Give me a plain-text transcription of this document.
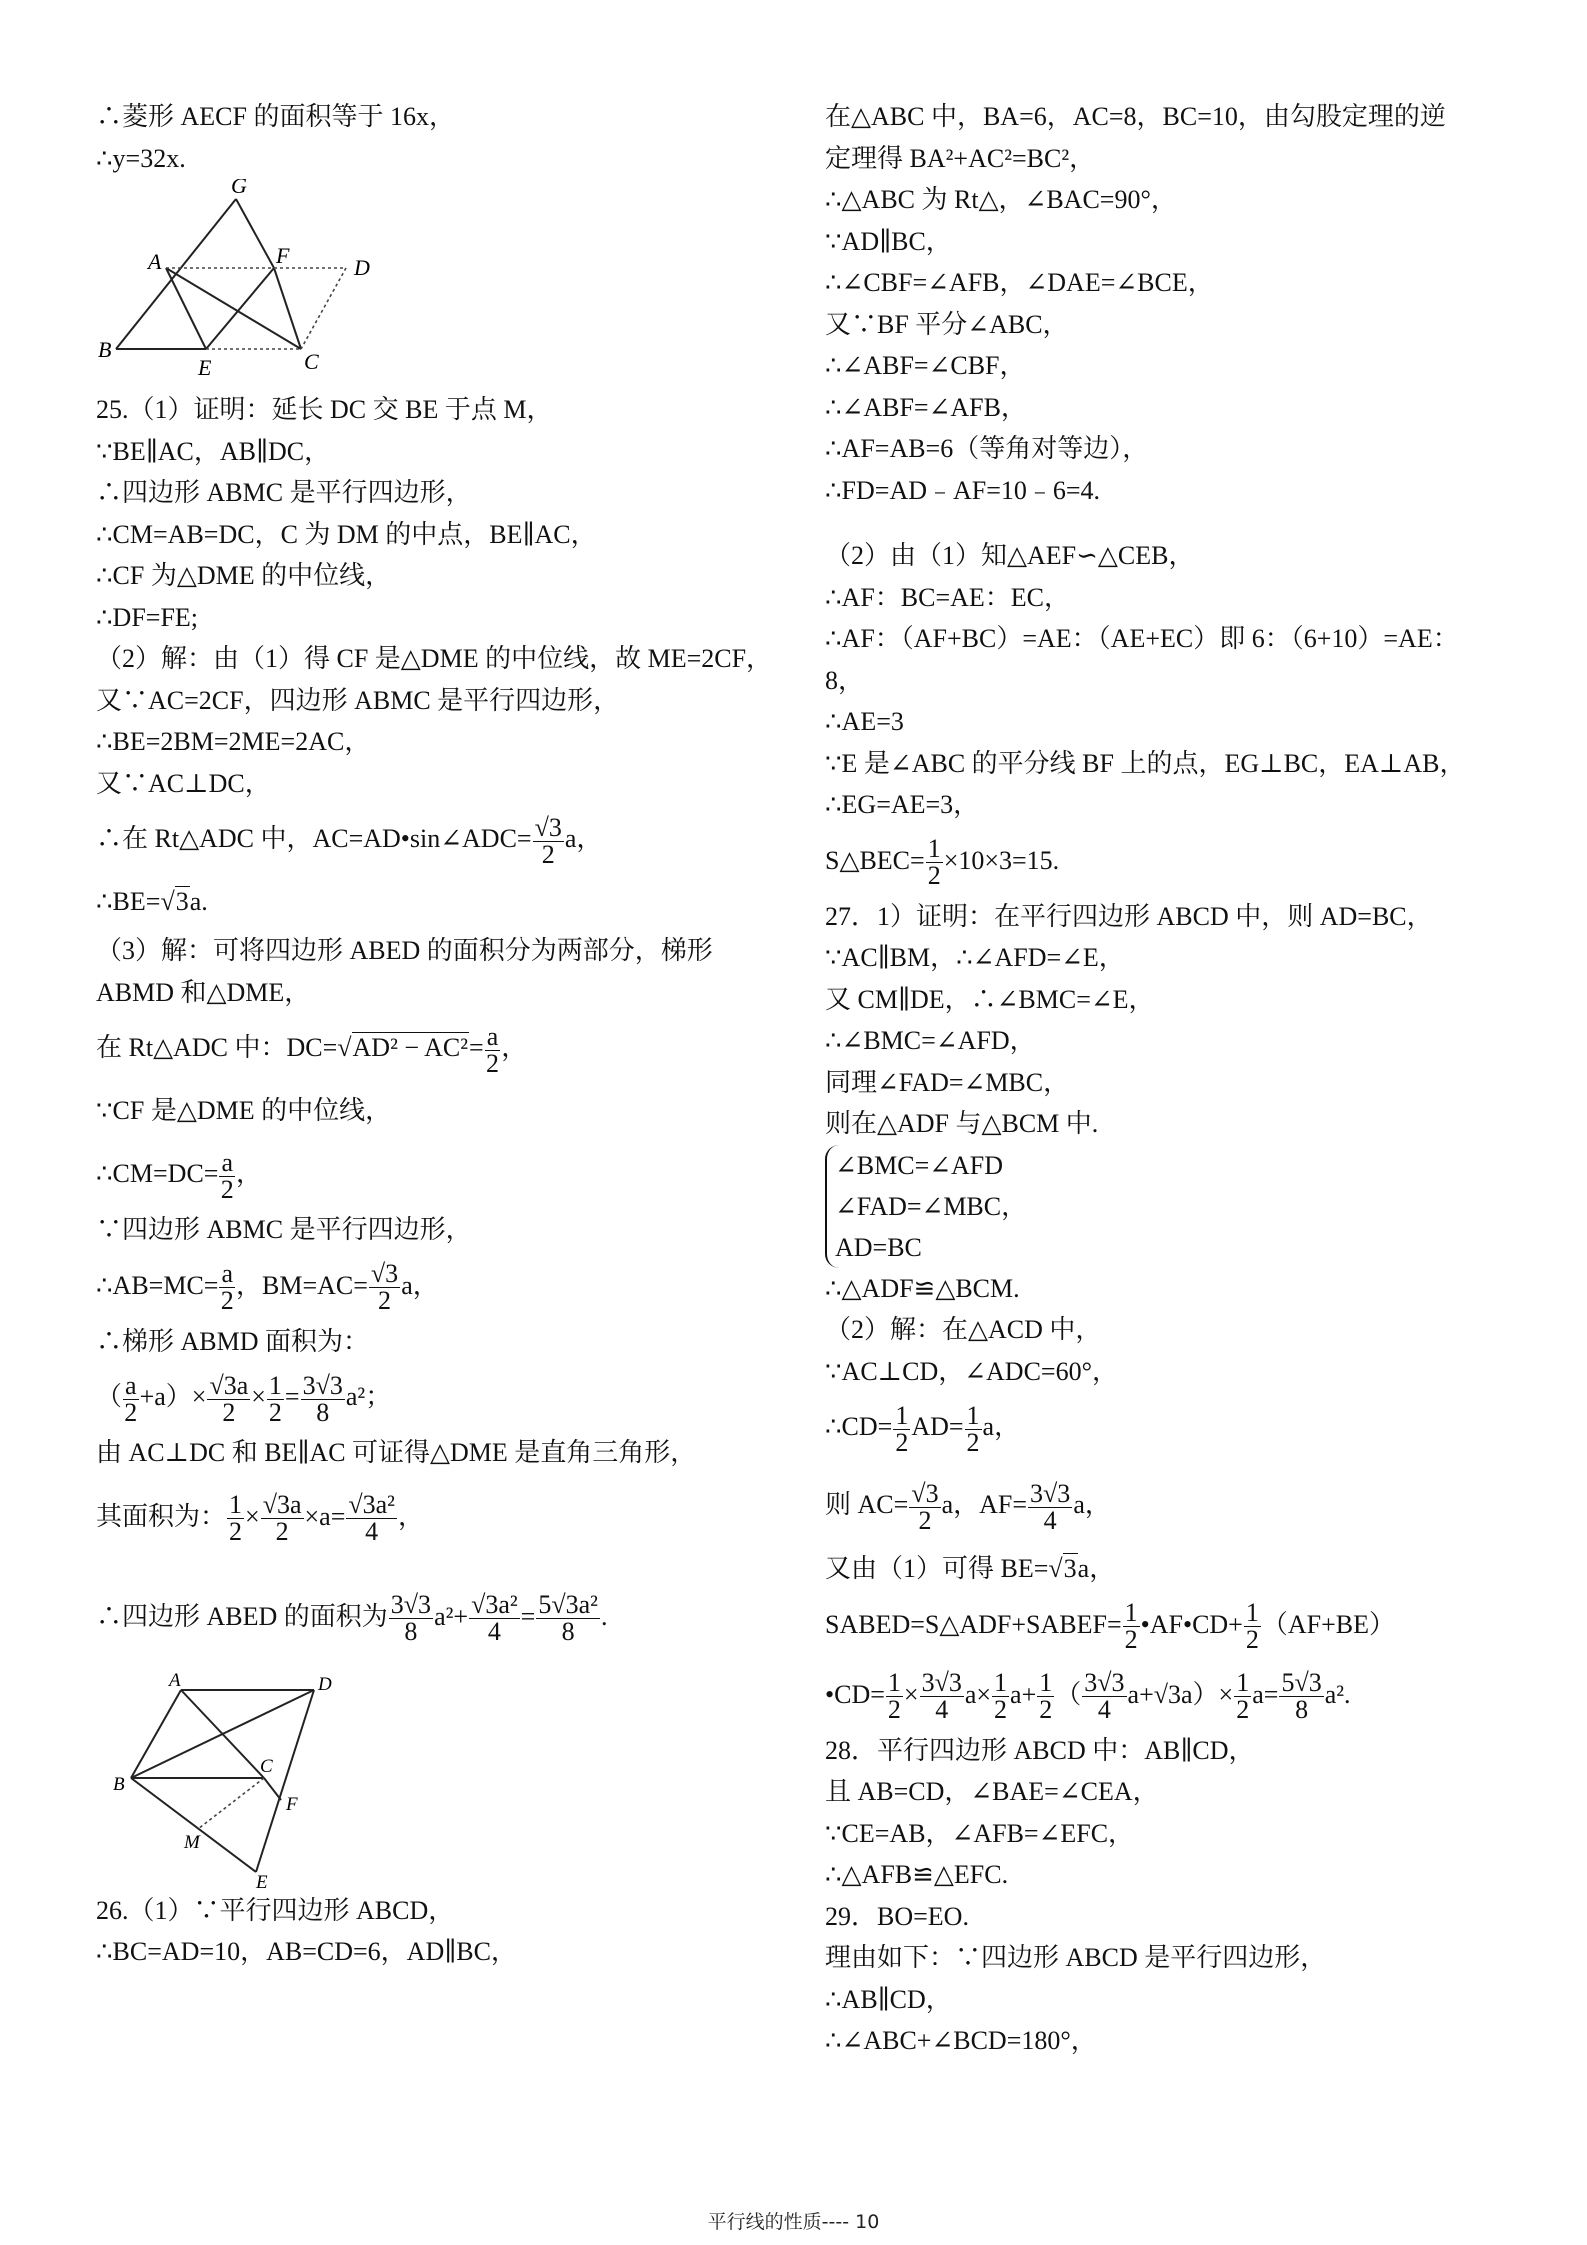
∴菱形 AECF 的面积等于 16x，
∴y=32x.
G
A	F	D
B
E	C
25.（1）证明：延长 DC 交 BE 于点 M，
∵BE∥AC，AB∥DC，
∴四边形 ABMC 是平行四边形，
∴CM=AB=DC，C 为 DM 的中点，BE∥AC，
∴CF 为△DME 的中位线，
∴DF=FE;
（2）解：由（1）得 CF 是△DME 的中位线，故 ME=2CF，
又∵AC=2CF，四边形 ABMC 是平行四边形，
∴BE=2BM=2ME=2AC，
又∵AC⊥DC，
∴在 Rt△ADC 中，AC=AD•sin∠ADC= $\frac{√3}{2}$ a，
∴BE=√3a.
（3）解：可将四边形 ABED 的面积分为两部分，梯形
ABMD 和△DME，
在 Rt△ADC 中：$DC=√AD^2 - AC^2= \frac{a}{2}$ ，
∵CF 是△DME 的中位线，
∴CM=DC= $\frac{a}{2}$ ，
∵四边形 ABMC 是平行四边形，
∴AB=MC= $\frac{a}{2}$ ，$BM=AC= \frac{√3}{2}$ a，
∴梯形 ABMD 面积为：
（ $\frac{a}{2} +a)\times \frac{√3a}{2} \times \frac{1}{2} = \frac{3√3}{8} a^2$；
由 AC⊥DC 和 BE∥AC 可证得△DME 是直角三角形，
其面积为： $\frac{1}{2} \times \frac{√3a}{2} \times a= \frac{\text{√3a²}}{4}$ ，
∴四边形 ABED 的面积为 $\frac{3√3}{8} a^2+ \frac{\text{√3a²}}{4} = \frac{\text{5√3a²}}{8}$ .
A	D
B
C
F
M
E
26.（1）∵平行四边形 ABCD，
∴BC=AD=10，AB=CD=6，AD∥BC，
在△ABC 中，BA=6，AC=8，BC=10，由勾股定理的逆
定理得 BA²+AC²=BC²，
∴△ABC 为 Rt△，∠BAC=90°，
∵AD∥BC，
∴∠CBF=∠AFB，∠DAE=∠BCE，
又∵BF 平分∠ABC，
∴∠ABF=∠CBF，
∴∠ABF=∠AFB，
∴AF=AB=6（等角对等边），
∴FD=AD﹣AF=10﹣6=4.
（2）由（1）知△AEF∽△CEB，
∴AF：BC=AE：EC，
∴AF：（AF+BC）=AE：（AE+EC）即 6：（6+10）=AE：
8，
∴AE=3
∵E 是∠ABC 的平分线 BF 上的点，EG⊥BC，EA⊥AB，
∴EG=AE=3，
S△BEC= $\frac{1}{2} \times 10\times 3=15$.
27．1）证明：在平行四边形 ABCD 中，则 AD=BC，
∵AC∥BM，∴∠AFD=∠E，
又 CM∥DE，∴∠BMC=∠E，
∴∠BMC=∠AFD，
同理∠FAD=∠MBC，
则在△ADF 与△BCM 中.
∠BMC=∠AFD
∠FAD=∠MBC，
AD=BC
∴△ADF≌△BCM.
（2）解：在△ACD 中，
∵AC⊥CD，∠ADC=60°，
∴CD= $\frac{1}{2} AD= \frac{1}{2}$ a，
则 $AC= \frac{√3}{2}$ a，$AF= \frac{3√3}{4}$ a，
又由（1）可得 BE=√3a，
SABED=S△ADF+SABEF= $\frac{1}{2}$ •AF•CD+ $\frac{1}{2} (AF+BE)$
•CD= $\frac{1}{2} \times \frac{3√3}{4} a\times \frac{1}{2} a+ \frac{1}{2}$ （ $\frac{3√3}{4} a+√3a)\times \frac{1}{2} a= \frac{5√3}{8} a^2$.
28．平行四边形 ABCD 中：AB∥CD，
且 AB=CD，∠BAE=∠CEA，
∵CE=AB，∠AFB=∠EFC，
∴△AFB≌△EFC.
29．BO=EO.
理由如下：∵四边形 ABCD 是平行四边形，
∴AB∥CD，
∴∠ABC+∠BCD=180°，
平行线的性质---- 10
